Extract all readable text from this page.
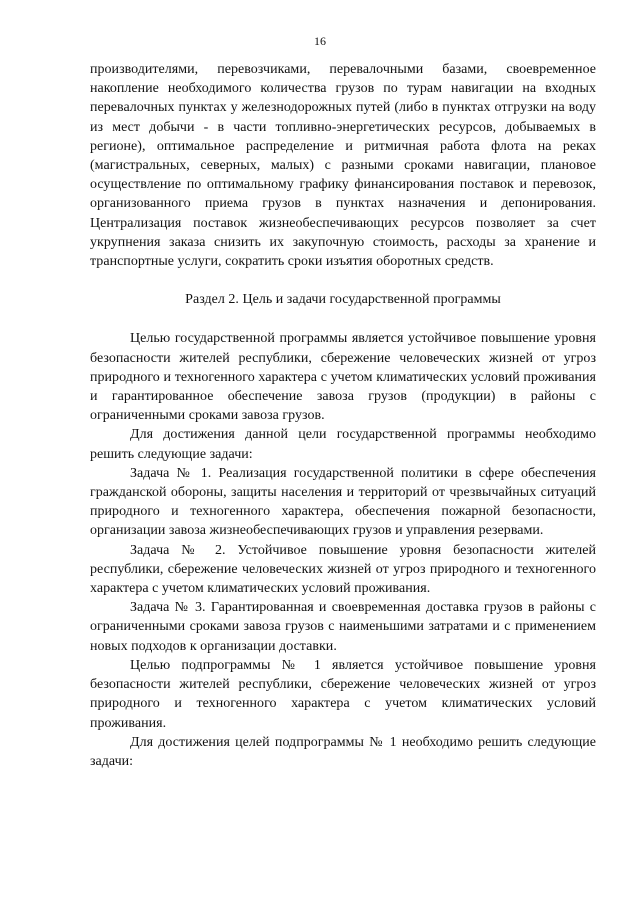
16

производителями, перевозчиками, перевалочными базами, своевременное накопление необходимого количества грузов по турам навигации на входных перевалочных пунктах у железнодорожных путей (либо в пунктах отгрузки на воду из мест добычи - в части топливно-энергетических ресурсов, добываемых в регионе), оптимальное распределение и ритмичная работа флота на реках (магистральных, северных, малых) с разными сроками навигации, плановое осуществление по оптимальному графику финансирования поставок и перевозок, организованного приема грузов в пунктах назначения и депонирования. Централизация поставок жизнеобеспечивающих ресурсов позволяет за счет укрупнения заказа снизить их закупочную стоимость, расходы за хранение и транспортные услуги, сократить сроки изъятия оборотных средств.

Раздел 2. Цель и задачи государственной программы

Целью государственной программы является устойчивое повышение уровня безопасности жителей республики, сбережение человеческих жизней от угроз природного и техногенного характера с учетом климатических условий проживания и гарантированное обеспечение завоза грузов (продукции) в районы с ограниченными сроками завоза грузов.

Для достижения данной цели государственной программы необходимо решить следующие задачи:

Задача № 1. Реализация государственной политики в сфере обеспечения гражданской обороны, защиты населения и территорий от чрезвычайных ситуаций природного и техногенного характера, обеспечения пожарной безопасности, организации завоза жизнеобеспечивающих грузов и управления резервами.

Задача № 2. Устойчивое повышение уровня безопасности жителей республики, сбережение человеческих жизней от угроз природного и техногенного характера с учетом климатических условий проживания.

Задача № 3. Гарантированная и своевременная доставка грузов в районы с ограниченными сроками завоза грузов с наименьшими затратами и с применением новых подходов к организации доставки.

Целью подпрограммы № 1 является устойчивое повышение уровня безопасности жителей республики, сбережение человеческих жизней от угроз природного и техногенного характера с учетом климатических условий проживания.

Для достижения целей подпрограммы № 1 необходимо решить следующие задачи:
